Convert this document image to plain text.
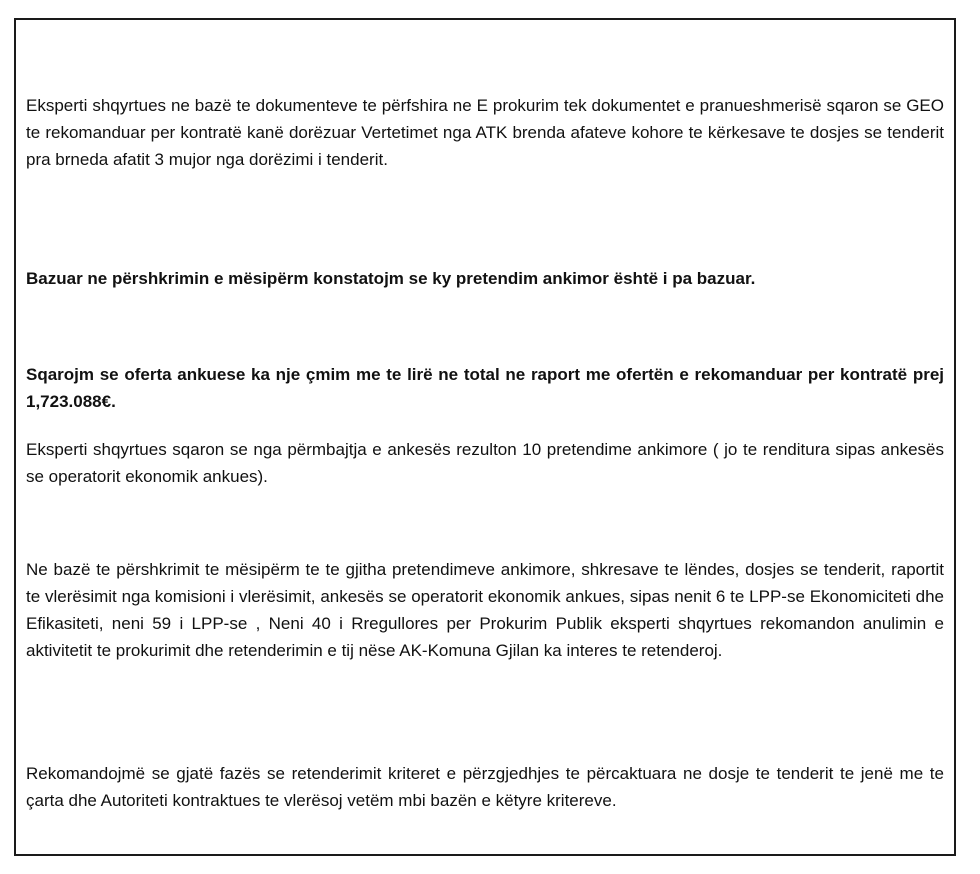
Eksperti shqyrtues ne bazë te dokumenteve te përfshira ne E prokurim tek dokumentet e pranueshmerisë sqaron se GEO te rekomanduar per kontratë kanë dorëzuar Vertetimet nga ATK brenda afateve kohore te kërkesave te dosjes se tenderit pra brneda afatit 3 mujor nga dorëzimi i tenderit.

Bazuar ne përshkrimin e mësipërm konstatojm se ky pretendim ankimor është i pa bazuar.

Sqarojm se oferta ankuese ka nje çmim me te lirë ne total ne raport me ofertën e rekomanduar per kontratë prej 1,723.088€.

Eksperti shqyrtues sqaron se nga përmbajtja e ankesës rezulton 10 pretendime ankimore ( jo te renditura sipas ankesës se operatorit ekonomik ankues).

Ne bazë te përshkrimit te mësipërm te te gjitha pretendimeve ankimore, shkresave te lëndes, dosjes se tenderit, raportit te vlerësimit nga komisioni i vlerësimit, ankesës se operatorit ekonomik ankues, sipas nenit 6 te LPP-se Ekonomiciteti dhe Efikasiteti, neni 59 i LPP-se , Neni 40 i Rregullores per Prokurim Publik eksperti shqyrtues rekomandon anulimin e aktivitetit te prokurimit dhe retenderimin e tij nëse AK-Komuna Gjilan ka interes te retenderoj.

Rekomandojmë se gjatë fazës se retenderimit kriteret e përzgjedhjes te përcaktuara ne dosje te tenderit te jenë me te çarta dhe Autoriteti kontraktues te vlerësoj vetëm mbi bazën e këtyre kritereve.
